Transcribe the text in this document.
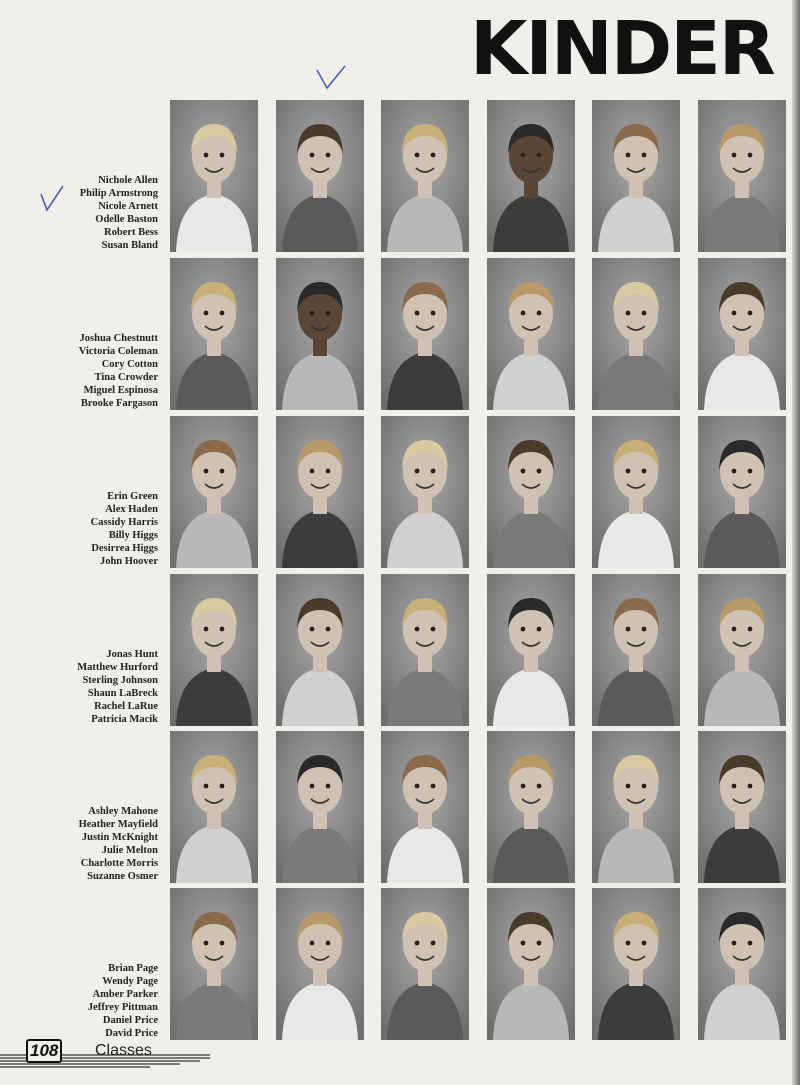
KINDER
Nichole Allen
Philip Armstrong
Nicole Arnett
Odelle Baston
Robert Bess
Susan Bland
Joshua Chestnutt
Victoria Coleman
Cory Cotton
Tina Crowder
Miguel Espinosa
Brooke Fargason
Erin Green
Alex Haden
Cassidy Harris
Billy Higgs
Desirrea Higgs
John Hoover
Jonas Hunt
Matthew Hurford
Sterling Johnson
Shaun LaBreck
Rachel LaRue
Patricia Macik
Ashley Mahone
Heather Mayfield
Justin McKnight
Julie Melton
Charlotte Morris
Suzanne Osmer
Brian Page
Wendy Page
Amber Parker
Jeffrey Pittman
Daniel Price
David Price
108 Classes
